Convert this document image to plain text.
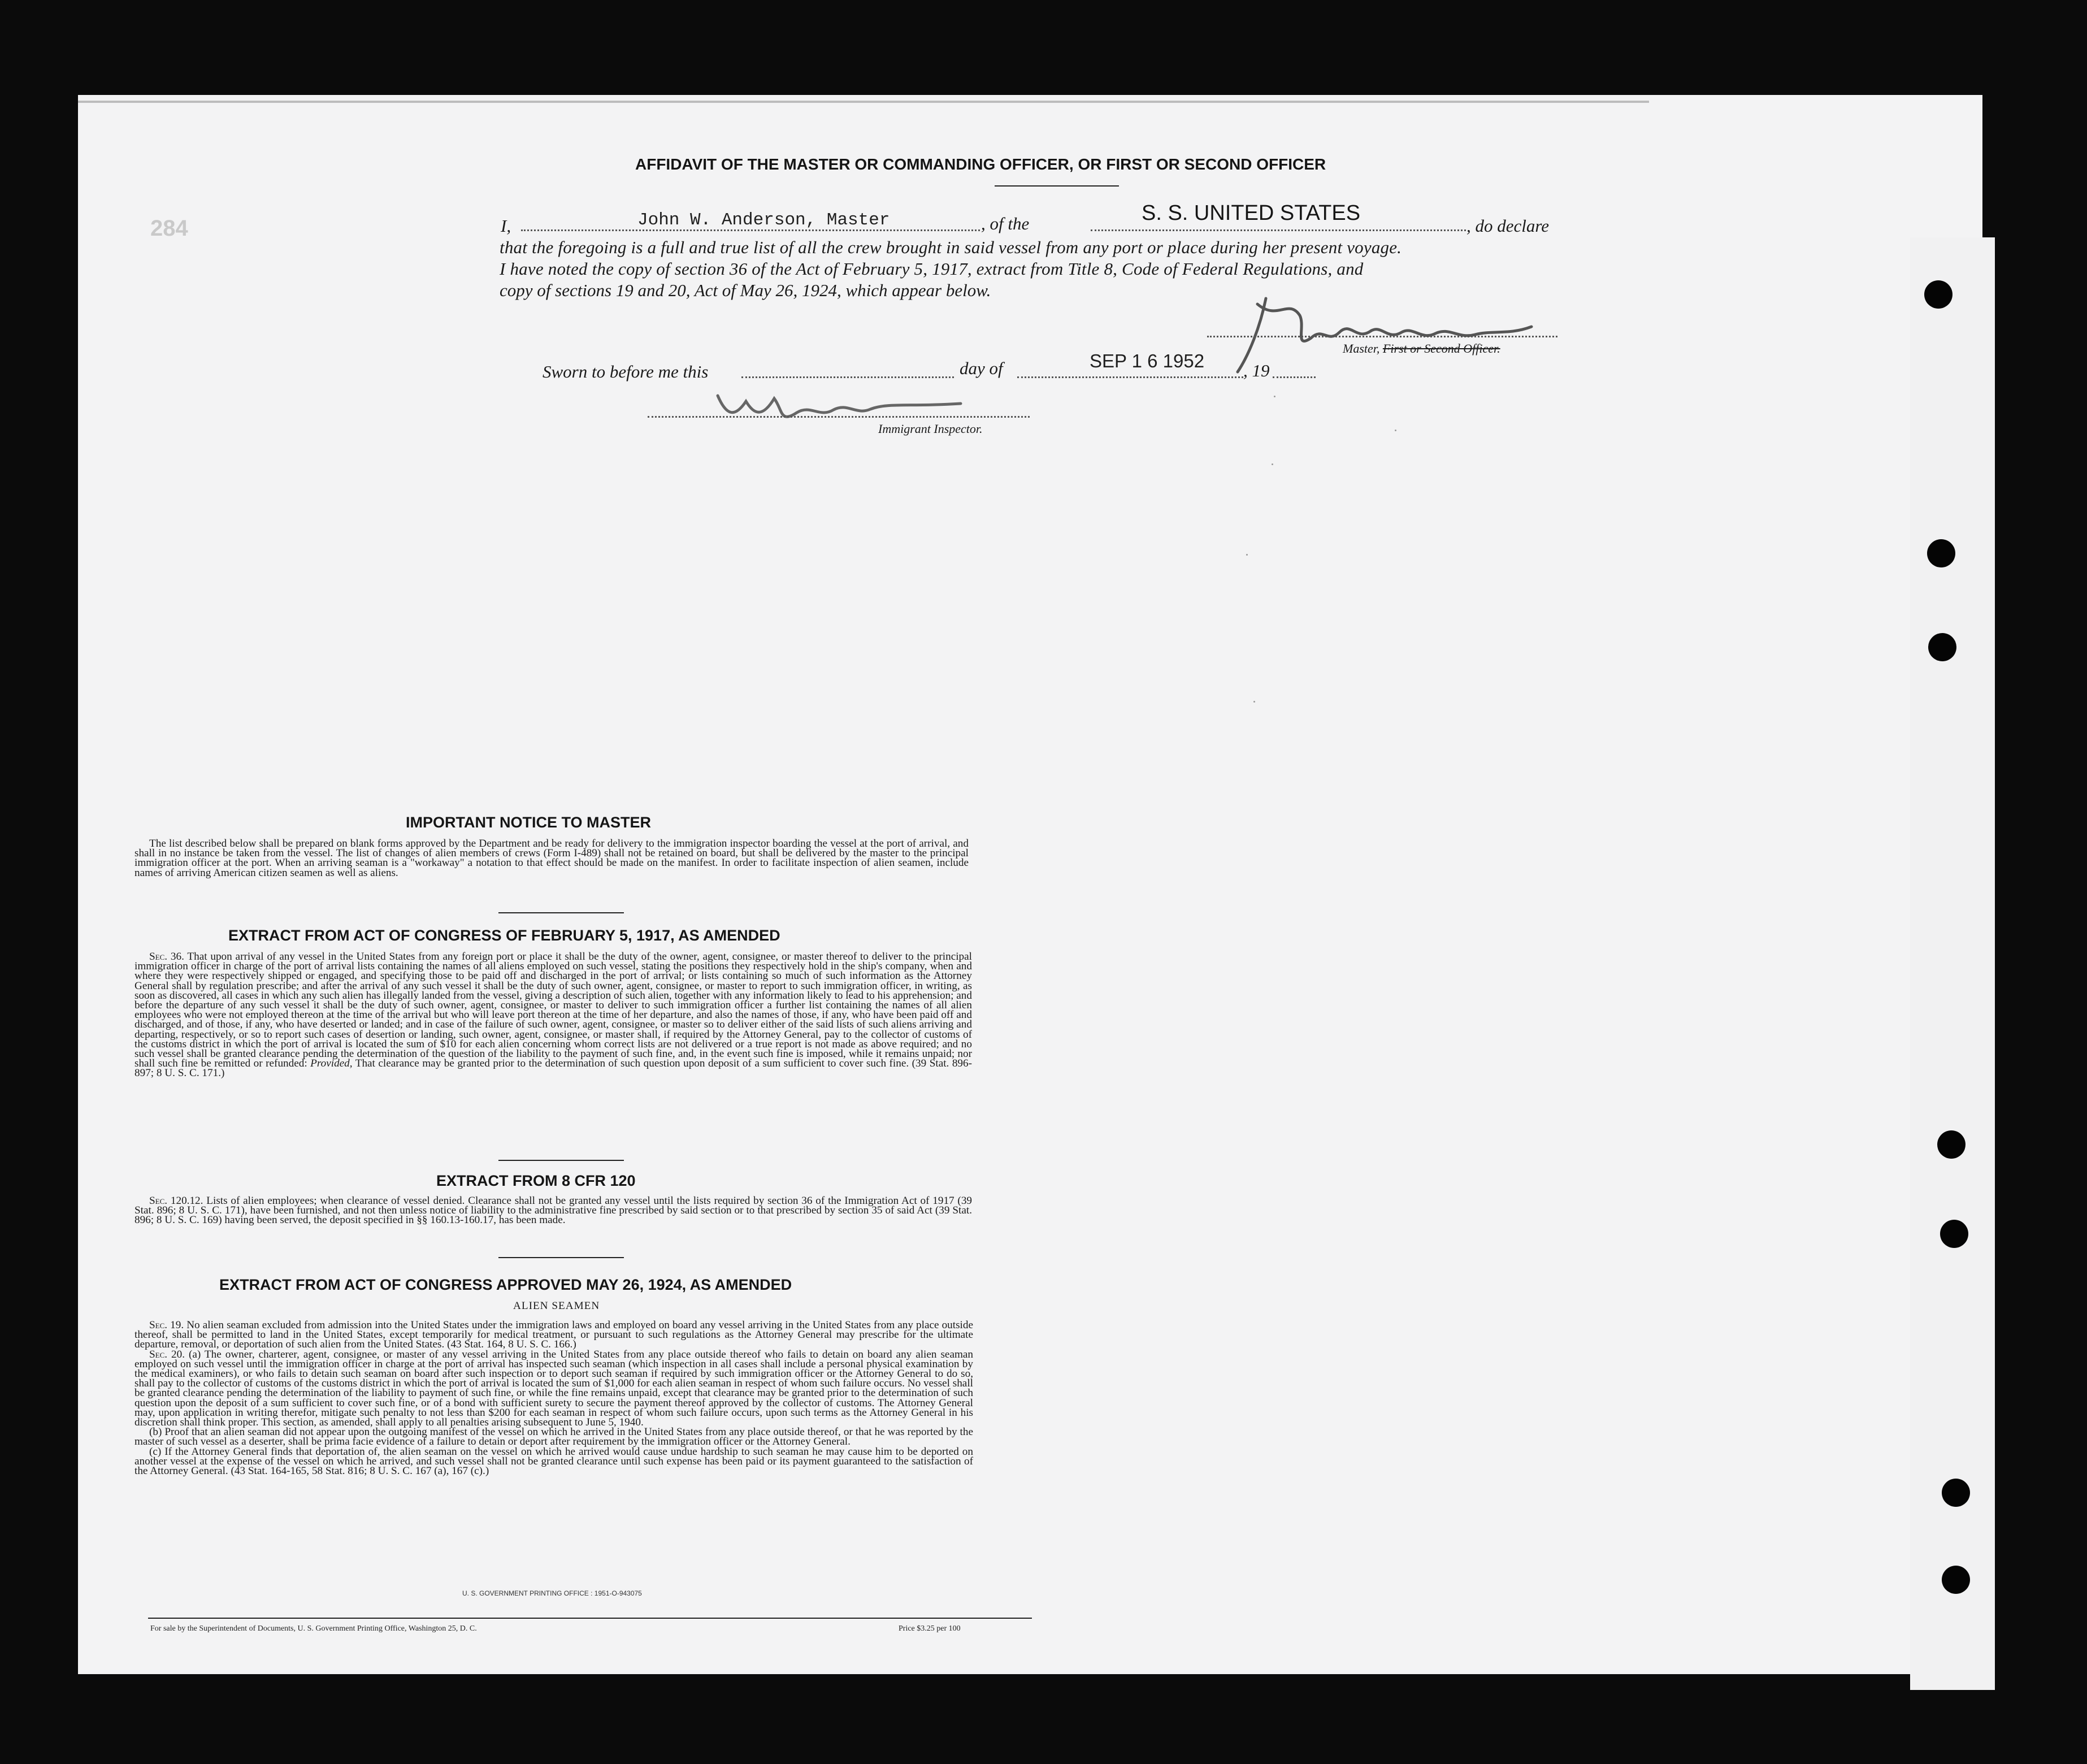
284
AFFIDAVIT OF THE MASTER OR COMMANDING OFFICER, OR FIRST OR SECOND OFFICER
I,	John W. Anderson, Master	, of the	S. S. UNITED STATES
, do declare
that the foregoing is a full and true list of all the crew brought in said vessel from any port or place during her present voyage.
I have noted the copy of section 36 of the Act of February 5, 1917, extract from Title 8, Code of Federal Regulations, and
copy of sections 19 and 20, Act of May 26, 1924, which appear below.
Master, First or Second Officer.
Sworn to before me this	day of	SEP 1 6 1952 , 19
Immigrant Inspector.
IMPORTANT NOTICE TO MASTER

The list described below shall be prepared on blank forms approved by the Department and be ready for delivery to the immigration inspector boarding the vessel at the port of arrival, and shall in no instance be taken from the vessel. The list of changes of alien members of crews (Form I-489) shall not be retained on board, but shall be delivered by the master to the principal immigration officer at the port. When an arriving seaman is a "workaway" a notation to that effect should be made on the manifest. In order to facilitate inspection of alien seamen, include names of arriving American citizen seamen as well as aliens.

EXTRACT FROM ACT OF CONGRESS OF FEBRUARY 5, 1917, AS AMENDED

Sec. 36. That upon arrival of any vessel in the United States from any foreign port or place it shall be the duty of the owner, agent, consignee, or master thereof to deliver to the principal immigration officer in charge of the port of arrival lists containing the names of all aliens employed on such vessel, stating the positions they respectively hold in the ship's company, when and where they were respectively shipped or engaged, and specifying those to be paid off and discharged in the port of arrival; or lists containing so much of such information as the Attorney General shall by regulation prescribe; and after the arrival of any such vessel it shall be the duty of such owner, agent, consignee, or master to report to such immigration officer, in writing, as soon as discovered, all cases in which any such alien has illegally landed from the vessel, giving a description of such alien, together with any information likely to lead to his apprehension; and before the departure of any such vessel it shall be the duty of such owner, agent, consignee, or master to deliver to such immigration officer a further list containing the names of all alien employees who were not employed thereon at the time of the arrival but who will leave port thereon at the time of her departure, and also the names of those, if any, who have been paid off and discharged, and of those, if any, who have deserted or landed; and in case of the failure of such owner, agent, consignee, or master so to deliver either of the said lists of such aliens arriving and departing, respectively, or so to report such cases of desertion or landing, such owner, agent, consignee, or master shall, if required by the Attorney General, pay to the collector of customs of the customs district in which the port of arrival is located the sum of $10 for each alien concerning whom correct lists are not delivered or a true report is not made as above required; and no such vessel shall be granted clearance pending the determination of the question of the liability to the payment of such fine, and, in the event such fine is imposed, while it remains unpaid; nor shall such fine be remitted or refunded: Provided, That clearance may be granted prior to the determination of such question upon deposit of a sum sufficient to cover such fine. (39 Stat. 896-897; 8 U. S. C. 171.)

EXTRACT FROM 8 CFR 120

Sec. 120.12. Lists of alien employees; when clearance of vessel denied. Clearance shall not be granted any vessel until the lists required by section 36 of the Immigration Act of 1917 (39 Stat. 896; 8 U. S. C. 171), have been furnished, and not then unless notice of liability to the administrative fine prescribed by said section or to that prescribed by section 35 of said Act (39 Stat. 896; 8 U. S. C. 169) having been served, the deposit specified in §§ 160.13-160.17, has been made.

EXTRACT FROM ACT OF CONGRESS APPROVED MAY 26, 1924, AS AMENDED
ALIEN SEAMEN

Sec. 19. No alien seaman excluded from admission into the United States under the immigration laws and employed on board any vessel arriving in the United States from any place outside thereof, shall be permitted to land in the United States, except temporarily for medical treatment, or pursuant to such regulations as the Attorney General may prescribe for the ultimate departure, removal, or deportation of such alien from the United States. (43 Stat. 164, 8 U. S. C. 166.)

Sec. 20. (a) The owner, charterer, agent, consignee, or master of any vessel arriving in the United States from any place outside thereof who fails to detain on board any alien seaman employed on such vessel until the immigration officer in charge at the port of arrival has inspected such seaman (which inspection in all cases shall include a personal physical examination by the medical examiners), or who fails to detain such seaman on board after such inspection or to deport such seaman if required by such immigration officer or the Attorney General to do so, shall pay to the collector of customs of the customs district in which the port of arrival is located the sum of $1,000 for each alien seaman in respect of whom such failure occurs. No vessel shall be granted clearance pending the determination of the liability to payment of such fine, or while the fine remains unpaid, except that clearance may be granted prior to the determination of such question upon the deposit of a sum sufficient to cover such fine, or of a bond with sufficient surety to secure the payment thereof approved by the collector of customs. The Attorney General may, upon application in writing therefor, mitigate such penalty to not less than $200 for each seaman in respect of whom such failure occurs, upon such terms as the Attorney General in his discretion shall think proper. This section, as amended, shall apply to all penalties arising subsequent to June 5, 1940.

(b) Proof that an alien seaman did not appear upon the outgoing manifest of the vessel on which he arrived in the United States from any place outside thereof, or that he was reported by the master of such vessel as a deserter, shall be prima facie evidence of a failure to detain or deport after requirement by the immigration officer or the Attorney General.

(c) If the Attorney General finds that deportation of, the alien seaman on the vessel on which he arrived would cause undue hardship to such seaman he may cause him to be deported on another vessel at the expense of the vessel on which he arrived, and such vessel shall not be granted clearance until such expense has been paid or its payment guaranteed to the satisfaction of the Attorney General. (43 Stat. 164-165, 58 Stat. 816; 8 U. S. C. 167 (a), 167 (c).)

U. S. GOVERNMENT PRINTING OFFICE : 1951-O-943075
For sale by the Superintendent of Documents, U. S. Government Printing Office, Washington 25, D. C.	Price $3.25 per 100
